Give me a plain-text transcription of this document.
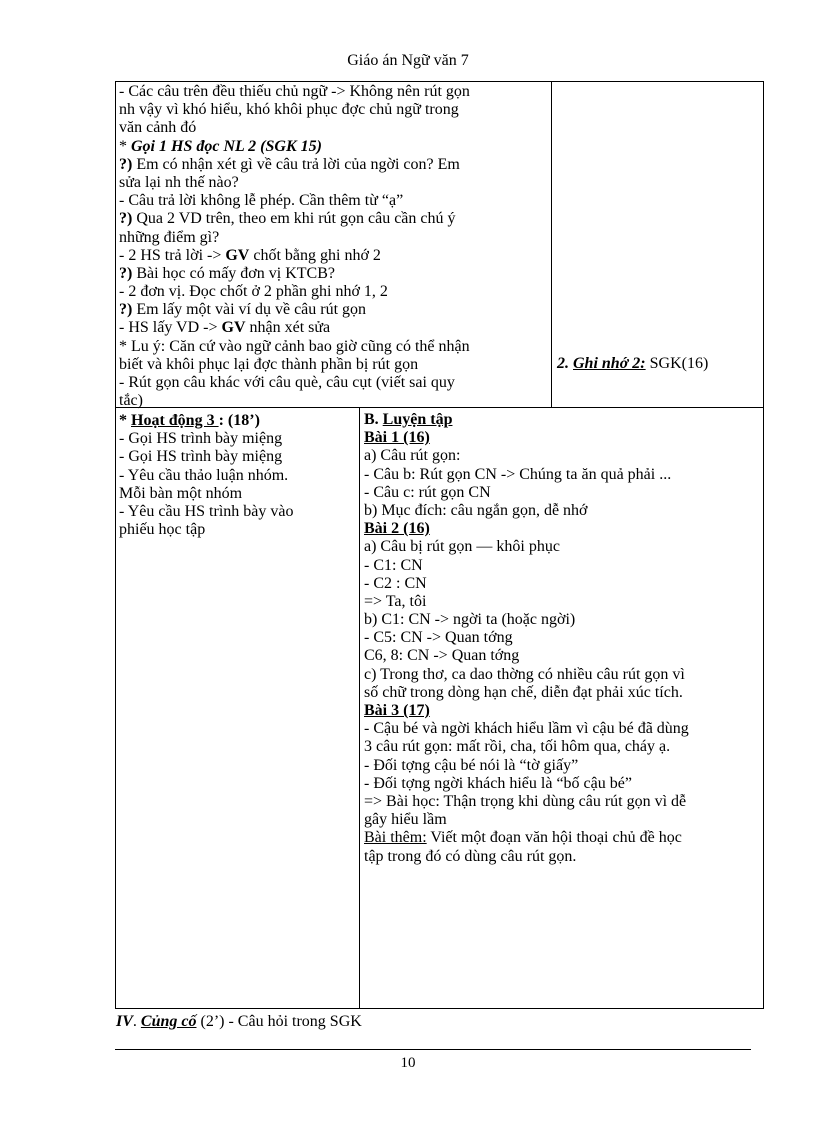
Giáo án Ngữ văn 7
- Các câu trên đều thiếu chủ ngữ -> Không nên rút gọn
nh vậy vì khó hiểu, khó khôi phục đợc chủ ngữ trong
văn cảnh đó
* Gọi 1 HS đọc NL 2 (SGK 15)
?) Em có nhận xét gì về câu trả lời của ngời con? Em
sửa lại nh thế nào?
- Câu trả lời không lễ phép. Cần thêm từ “ạ”
?) Qua 2 VD trên, theo em khi rút gọn câu cần chú ý
những điểm gì?
- 2 HS trả lời -> GV chốt bằng ghi nhớ 2
?) Bài học có mấy đơn vị KTCB?
- 2 đơn vị. Đọc chốt ở 2 phần ghi nhớ 1, 2
?) Em lấy một vài ví dụ về câu rút gọn
- HS lấy VD -> GV nhận xét sửa
* Lu ý: Căn cứ vào ngữ cảnh bao giờ cũng có thể nhận
biết và khôi phục lại đợc thành phần bị rút gọn
- Rút gọn câu khác với câu què, câu cụt (viết sai quy
tắc)
2. Ghi nhớ 2: SGK(16)
* Hoạt động 3 : (18’)
- Gọi HS trình bày miệng
- Gọi HS trình bày miệng
- Yêu cầu thảo luận nhóm.
Mỗi bàn một nhóm
- Yêu cầu HS trình bày vào
phiếu học tập
B. Luyện tập
Bài 1 (16)
a) Câu rút gọn:
- Câu b: Rút gọn CN -> Chúng ta ăn quả phải ...
- Câu c: rút gọn CN
b) Mục đích: câu ngắn gọn, dễ nhớ
Bài 2 (16)
a) Câu bị rút gọn — khôi phục
- C1: CN
- C2 : CN
=> Ta, tôi
b) C1: CN -> ngời ta (hoặc ngời)
- C5: CN -> Quan tớng
C6, 8: CN -> Quan tớng
c) Trong thơ, ca dao thờng có nhiều câu rút gọn vì
số chữ trong dòng hạn chế, diễn đạt phải xúc tích.
Bài 3 (17)
- Cậu bé và ngời khách hiểu lầm vì cậu bé đã dùng
3 câu rút gọn: mất rồi, cha, tối hôm qua, cháy ạ.
- Đối tợng cậu bé nói là “tờ giấy”
- Đối tợng ngời khách hiểu là “bố cậu bé”
=> Bài học: Thận trọng khi dùng câu rút gọn vì dễ
gây hiểu lầm
Bài thêm: Viết một đoạn văn hội thoại chủ đề học
tập trong đó có dùng câu rút gọn.
IV. Củng cố (2’) - Câu hỏi trong SGK
10
